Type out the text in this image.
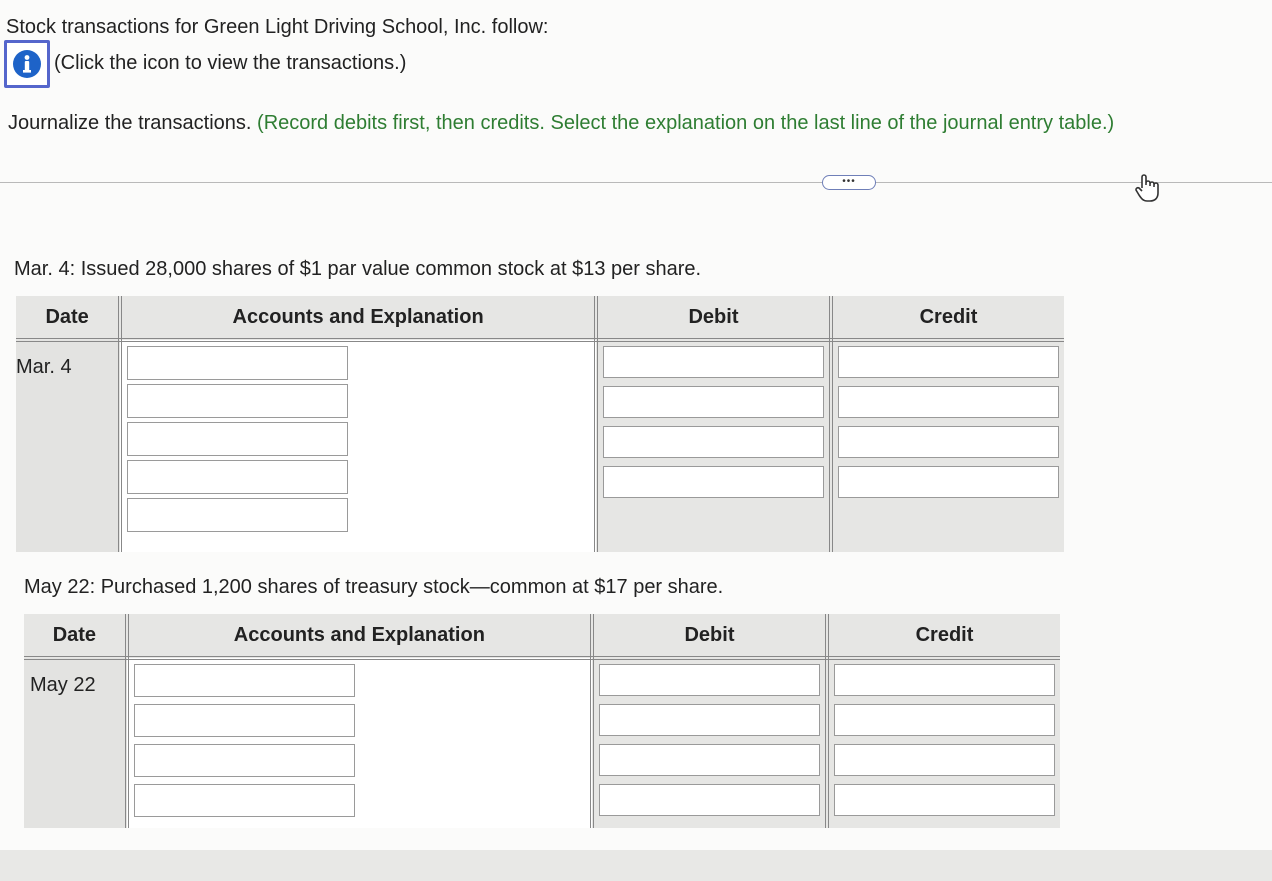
Stock transactions for Green Light Driving School, Inc. follow:
(Click the icon to view the transactions.)
Journalize the transactions. (Record debits first, then credits. Select the explanation on the last line of the journal entry table.)
•••
Mar. 4: Issued 28,000 shares of $1 par value common stock at $13 per share.
Date	Accounts and Explanation	Debit	Credit

Mar. 4

May 22: Purchased 1,200 shares of treasury stock—common at $17 per share.
Date	Accounts and Explanation	Debit	Credit

May 22
